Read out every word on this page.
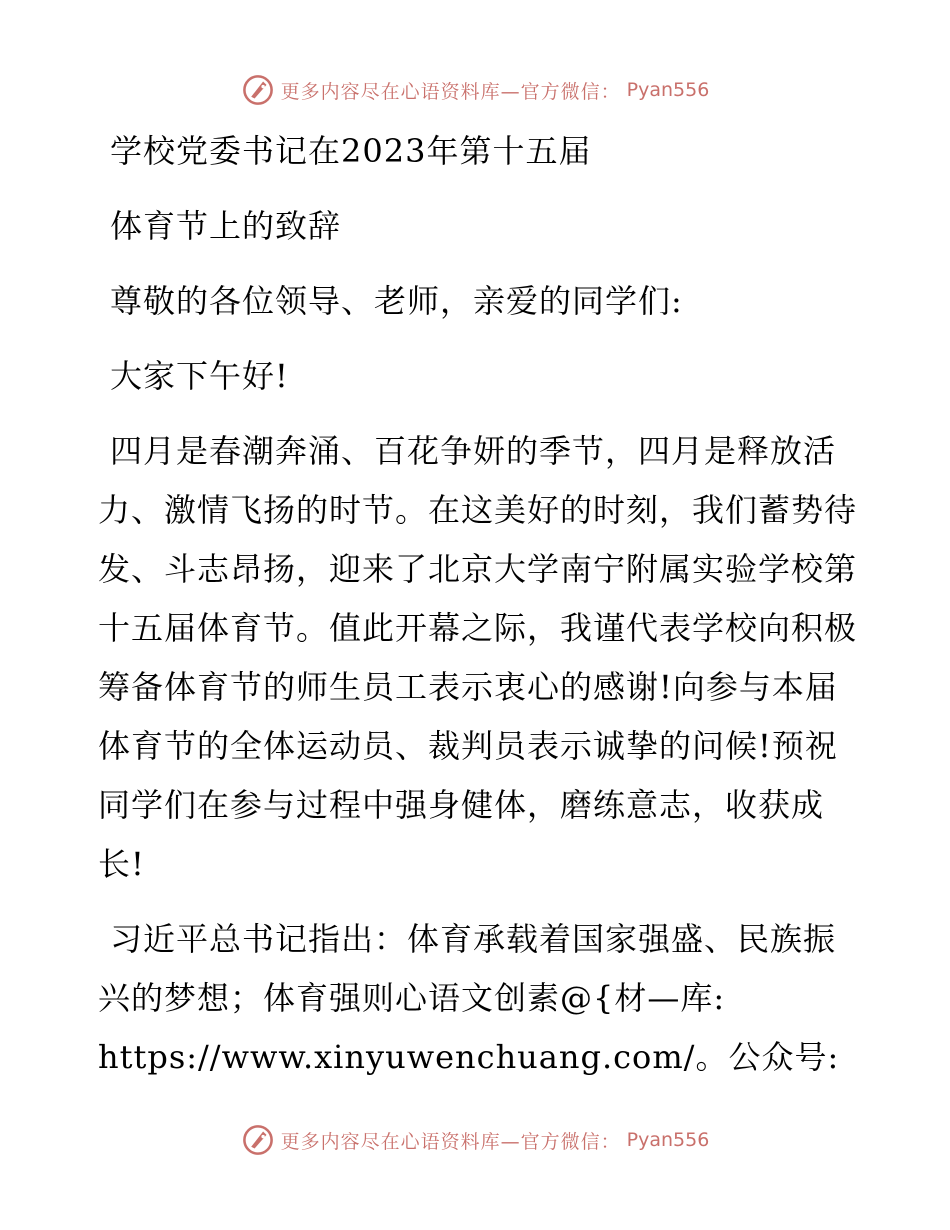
更多内容尽在心语资料库—官方微信： Pyan556

学校党委书记在2023年第十五届

体育节上的致辞

尊敬的各位领导、老师，亲爱的同学们:

大家下午好!

四月是春潮奔涌、百花争妍的季节，四月是释放活力、激情飞扬的时节。在这美好的时刻，我们蓄势待发、斗志昂扬，迎来了北京大学南宁附属实验学校第十五届体育节。值此开幕之际，我谨代表学校向积极筹备体育节的师生员工表示衷心的感谢!向参与本届体育节的全体运动员、裁判员表示诚挚的问候!预祝同学们在参与过程中强身健体，磨练意志，收获成长!

习近平总书记指出：体育承载着国家强盛、民族振兴的梦想；体育强则心语文创素@{材—库:

https://www.xinyuwenchuang.com/。公众号:

更多内容尽在心语资料库—官方微信： Pyan556
